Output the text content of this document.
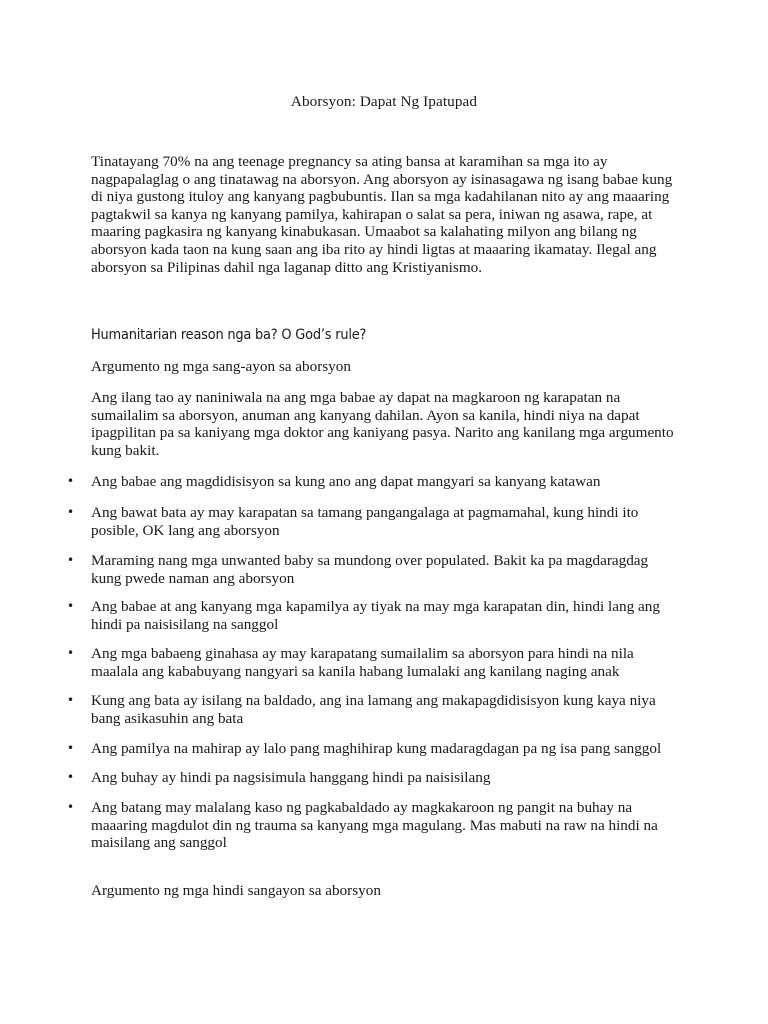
Aborsyon: Dapat Ng Ipatupad

Tinatayang 70% na ang teenage pregnancy sa ating bansa at karamihan sa mga ito ay nagpapalaglag o ang tinatawag na aborsyon. Ang aborsyon ay isinasagawa ng isang babae kung di niya gustong ituloy ang kanyang pagbubuntis. Ilan sa mga kadahilanan nito ay ang maaaring pagtakwil sa kanya ng kanyang pamilya, kahirapan o salat sa pera, iniwan ng asawa, rape, at maaring pagkasira ng kanyang kinabukasan. Umaabot sa kalahating milyon ang bilang ng aborsyon kada taon na kung saan ang iba rito ay hindi ligtas at maaaring ikamatay. Ilegal ang aborsyon sa Pilipinas dahil nga laganap ditto ang Kristiyanismo.

Humanitarian reason nga ba? O God’s rule?

Argumento ng mga sang-ayon sa aborsyon

Ang ilang tao ay naniniwala na ang mga babae ay dapat na magkaroon ng karapatan na sumailalim sa aborsyon, anuman ang kanyang dahilan. Ayon sa kanila, hindi niya na dapat ipagpilitan pa sa kaniyang mga doktor ang kaniyang pasya. Narito ang kanilang mga argumento kung bakit.

• Ang babae ang magdidisisyon sa kung ano ang dapat mangyari sa kanyang katawan
• Ang bawat bata ay may karapatan sa tamang pangangalaga at pagmamahal, kung hindi ito posible, OK lang ang aborsyon
• Maraming nang mga unwanted baby sa mundong over populated. Bakit ka pa magdaragdag kung pwede naman ang aborsyon
• Ang babae at ang kanyang mga kapamilya ay tiyak na may mga karapatan din, hindi lang ang hindi pa naisisilang na sanggol
• Ang mga babaeng ginahasa ay may karapatang sumailalim sa aborsyon para hindi na nila maalala ang kababuyang nangyari sa kanila habang lumalaki ang kanilang naging anak
• Kung ang bata ay isilang na baldado, ang ina lamang ang makapagdidisisyon kung kaya niya bang asikasuhin ang bata
• Ang pamilya na mahirap ay lalo pang maghihirap kung madaragdagan pa ng isa pang sanggol
• Ang buhay ay hindi pa nagsisimula hanggang hindi pa naisisilang
• Ang batang may malalang kaso ng pagkabaldado ay magkakaroon ng pangit na buhay na maaaring magdulot din ng trauma sa kanyang mga magulang. Mas mabuti na raw na hindi na maisilang ang sanggol

Argumento ng mga hindi sangayon sa aborsyon
